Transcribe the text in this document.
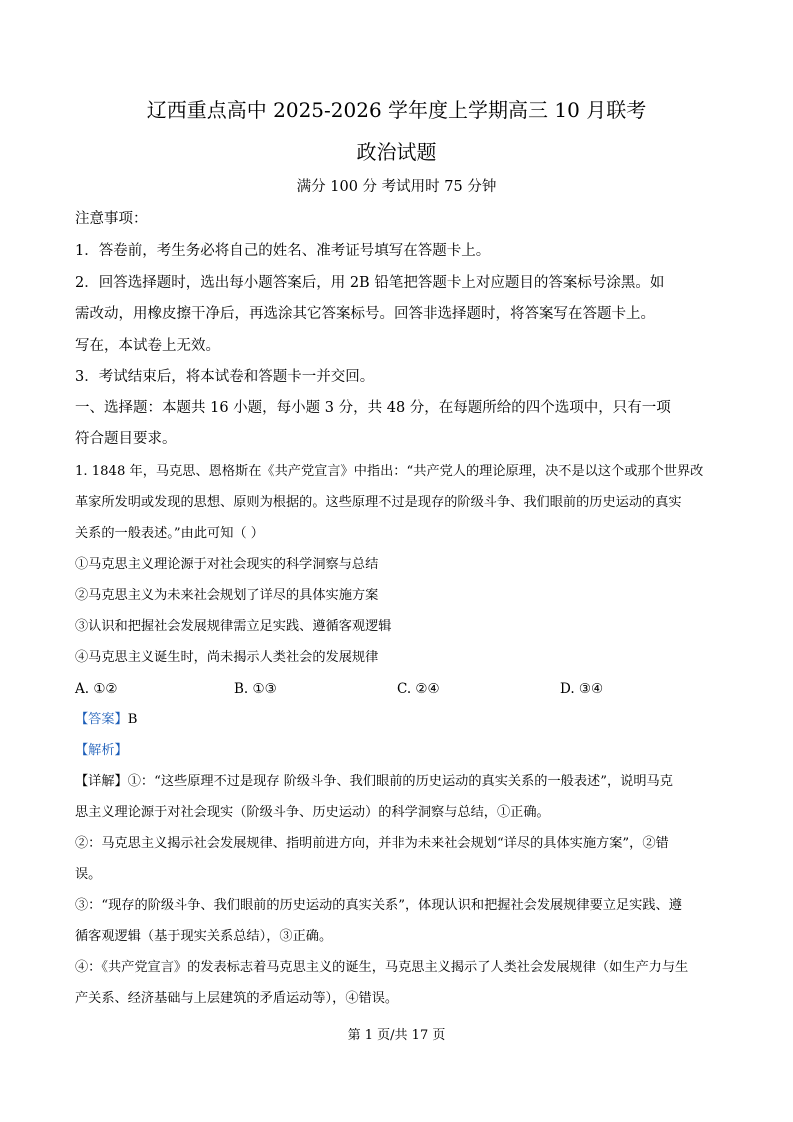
辽西重点高中 2025-2026 学年度上学期高三 10 月联考
政治试题
满分 100 分 考试用时 75 分钟
注意事项：
1．答卷前，考生务必将自己的姓名、准考证号填写在答题卡上。
2．回答选择题时，选出每小题答案后，用 2B 铅笔把答题卡上对应题目的答案标号涂黑。如
需改动，用橡皮擦干净后，再选涂其它答案标号。回答非选择题时，将答案写在答题卡上。
写在，本试卷上无效。
3．考试结束后，将本试卷和答题卡一并交回。
一、选择题：本题共 16 小题，每小题 3 分，共 48 分，在每题所给的四个选项中，只有一项
符合题目要求。
1. 1848 年，马克思、恩格斯在《共产党宣言》中指出：“共产党人的理论原理，决不是以这个或那个世界改
革家所发明或发现的思想、原则为根据的。这些原理不过是现存的阶级斗争、我们眼前的历史运动的真实
关系的一般表述。”由此可知（ ）
①马克思主义理论源于对社会现实的科学洞察与总结
②马克思主义为未来社会规划了详尽的具体实施方案
③认识和把握社会发展规律需立足实践、遵循客观逻辑
④马克思主义诞生时，尚未揭示人类社会的发展规律
A. ①②	B. ①③	C. ②④	D. ③④
【答案】B
【解析】
【详解】①：“这些原理不过是现存 阶级斗争、我们眼前的历史运动的真实关系的一般表述”，说明马克
思主义理论源于对社会现实（阶级斗争、历史运动）的科学洞察与总结，①正确。
②：马克思主义揭示社会发展规律、指明前进方向，并非为未来社会规划“详尽的具体实施方案”，②错
误。
③：“现存的阶级斗争、我们眼前的历史运动的真实关系”，体现认识和把握社会发展规律要立足实践、遵
循客观逻辑（基于现实关系总结），③正确。
④：《共产党宣言》的发表标志着马克思主义的诞生，马克思主义揭示了人类社会发展规律（如生产力与生
产关系、经济基础与上层建筑的矛盾运动等），④错误。
第 1 页/共 17 页
